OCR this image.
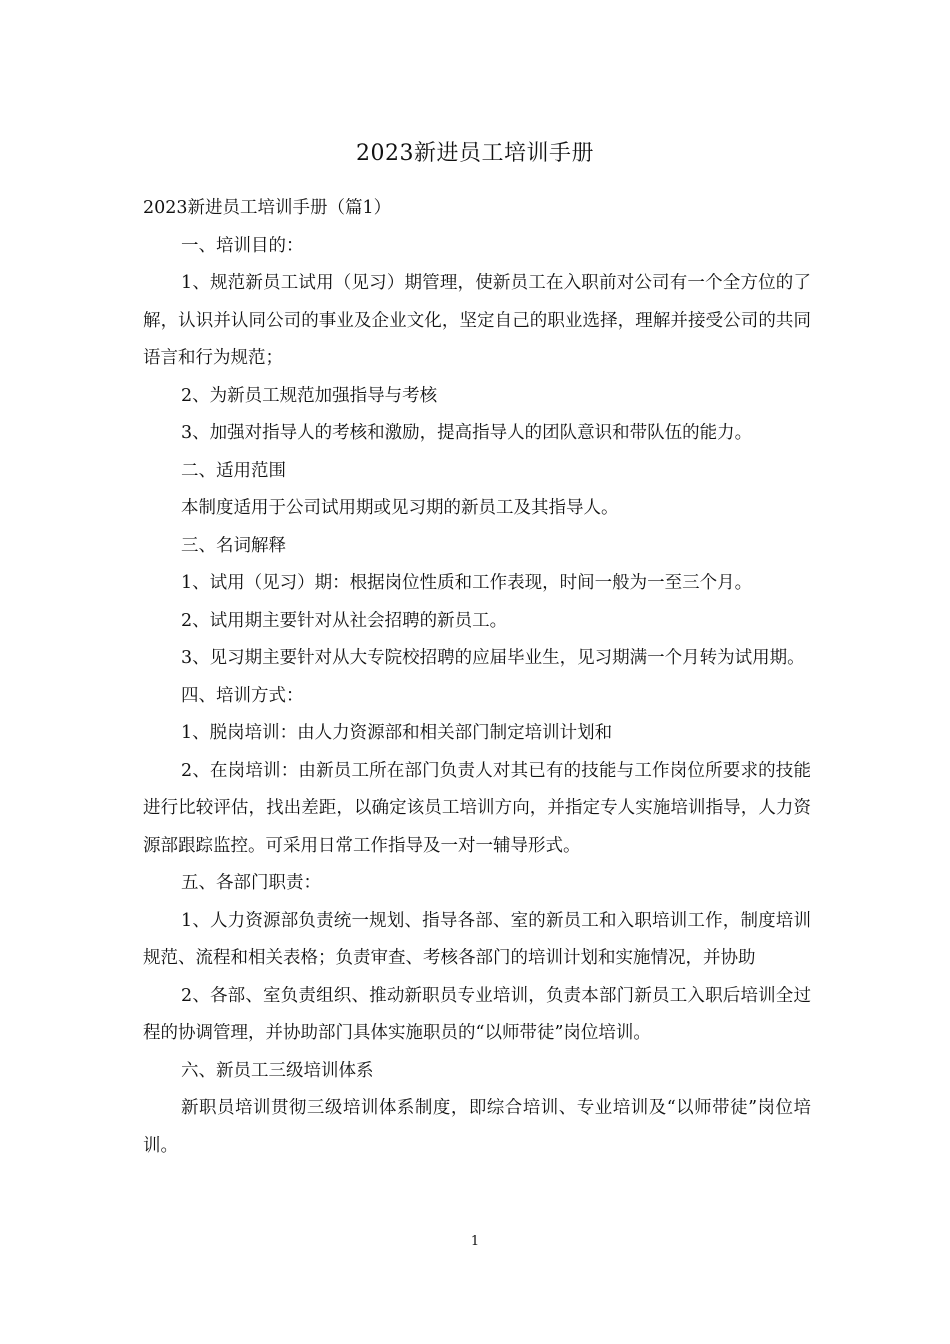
2023新进员工培训手册

2023新进员工培训手册（篇1）

一、培训目的：

1、规范新员工试用（见习）期管理，使新员工在入职前对公司有一个全方位的了解，认识并认同公司的事业及企业文化，坚定自己的职业选择，理解并接受公司的共同语言和行为规范；

2、为新员工规范加强指导与考核

3、加强对指导人的考核和激励，提高指导人的团队意识和带队伍的能力。

二、适用范围

本制度适用于公司试用期或见习期的新员工及其指导人。

三、名词解释

1、试用（见习）期：根据岗位性质和工作表现，时间一般为一至三个月。

2、试用期主要针对从社会招聘的新员工。

3、见习期主要针对从大专院校招聘的应届毕业生，见习期满一个月转为试用期。

四、培训方式：

1、脱岗培训：由人力资源部和相关部门制定培训计划和

2、在岗培训：由新员工所在部门负责人对其已有的技能与工作岗位所要求的技能进行比较评估，找出差距，以确定该员工培训方向，并指定专人实施培训指导，人力资源部跟踪监控。可采用日常工作指导及一对一辅导形式。

五、各部门职责：

1、人力资源部负责统一规划、指导各部、室的新员工和入职培训工作，制度培训规范、流程和相关表格；负责审查、考核各部门的培训计划和实施情况，并协助

2、各部、室负责组织、推动新职员专业培训，负责本部门新员工入职后培训全过程的协调管理，并协助部门具体实施职员的“以师带徒”岗位培训。

六、新员工三级培训体系

新职员培训贯彻三级培训体系制度，即综合培训、专业培训及“以师带徒”岗位培训。

1
